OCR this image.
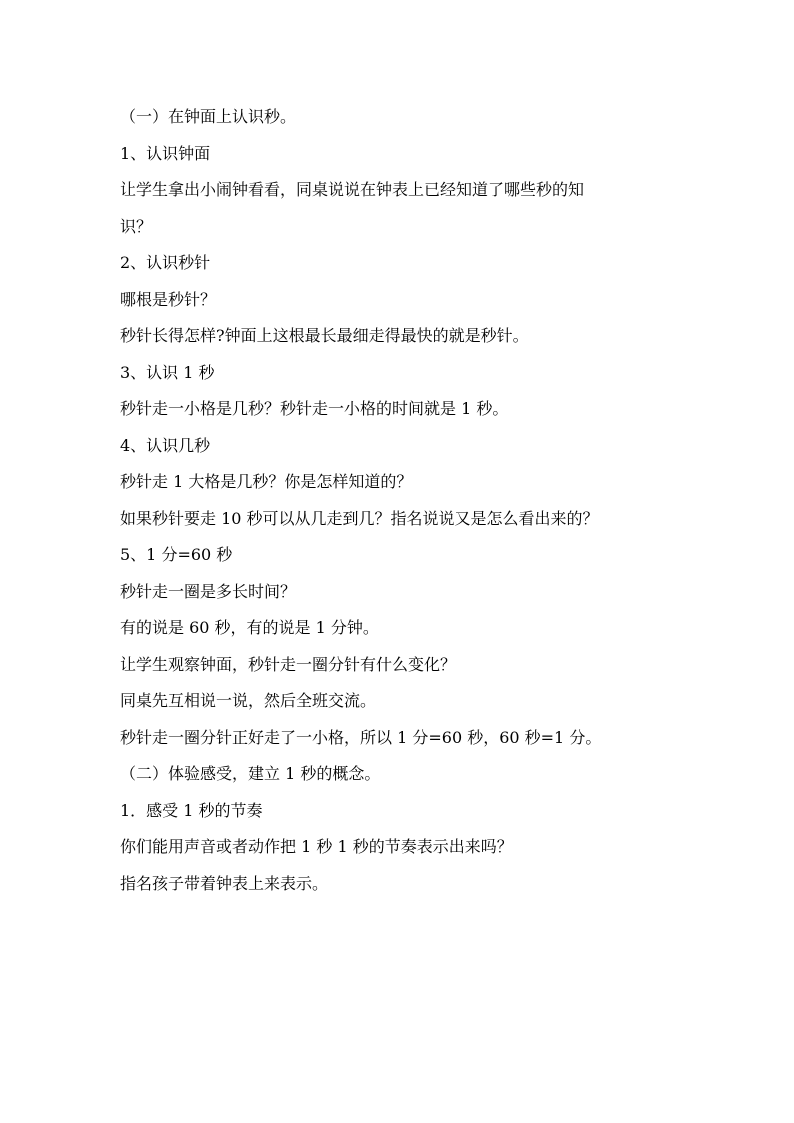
（一）在钟面上认识秒。
1、认识钟面
让学生拿出小闹钟看看，同桌说说在钟表上已经知道了哪些秒的知
识？
2、认识秒针
哪根是秒针？
秒针长得怎样?钟面上这根最长最细走得最快的就是秒针。
3、认识 1 秒
秒针走一小格是几秒？秒针走一小格的时间就是 1 秒。
4、认识几秒
秒针走 1 大格是几秒？你是怎样知道的？
如果秒针要走 10 秒可以从几走到几？指名说说又是怎么看出来的？
5、1 分=60 秒
秒针走一圈是多长时间？
有的说是 60 秒，有的说是 1 分钟。
让学生观察钟面，秒针走一圈分针有什么变化？
同桌先互相说一说，然后全班交流。
秒针走一圈分针正好走了一小格，所以 1 分=60 秒，60 秒=1 分。
（二）体验感受，建立 1 秒的概念。
1．感受 1 秒的节奏
你们能用声音或者动作把 1 秒 1 秒的节奏表示出来吗？
指名孩子带着钟表上来表示。
